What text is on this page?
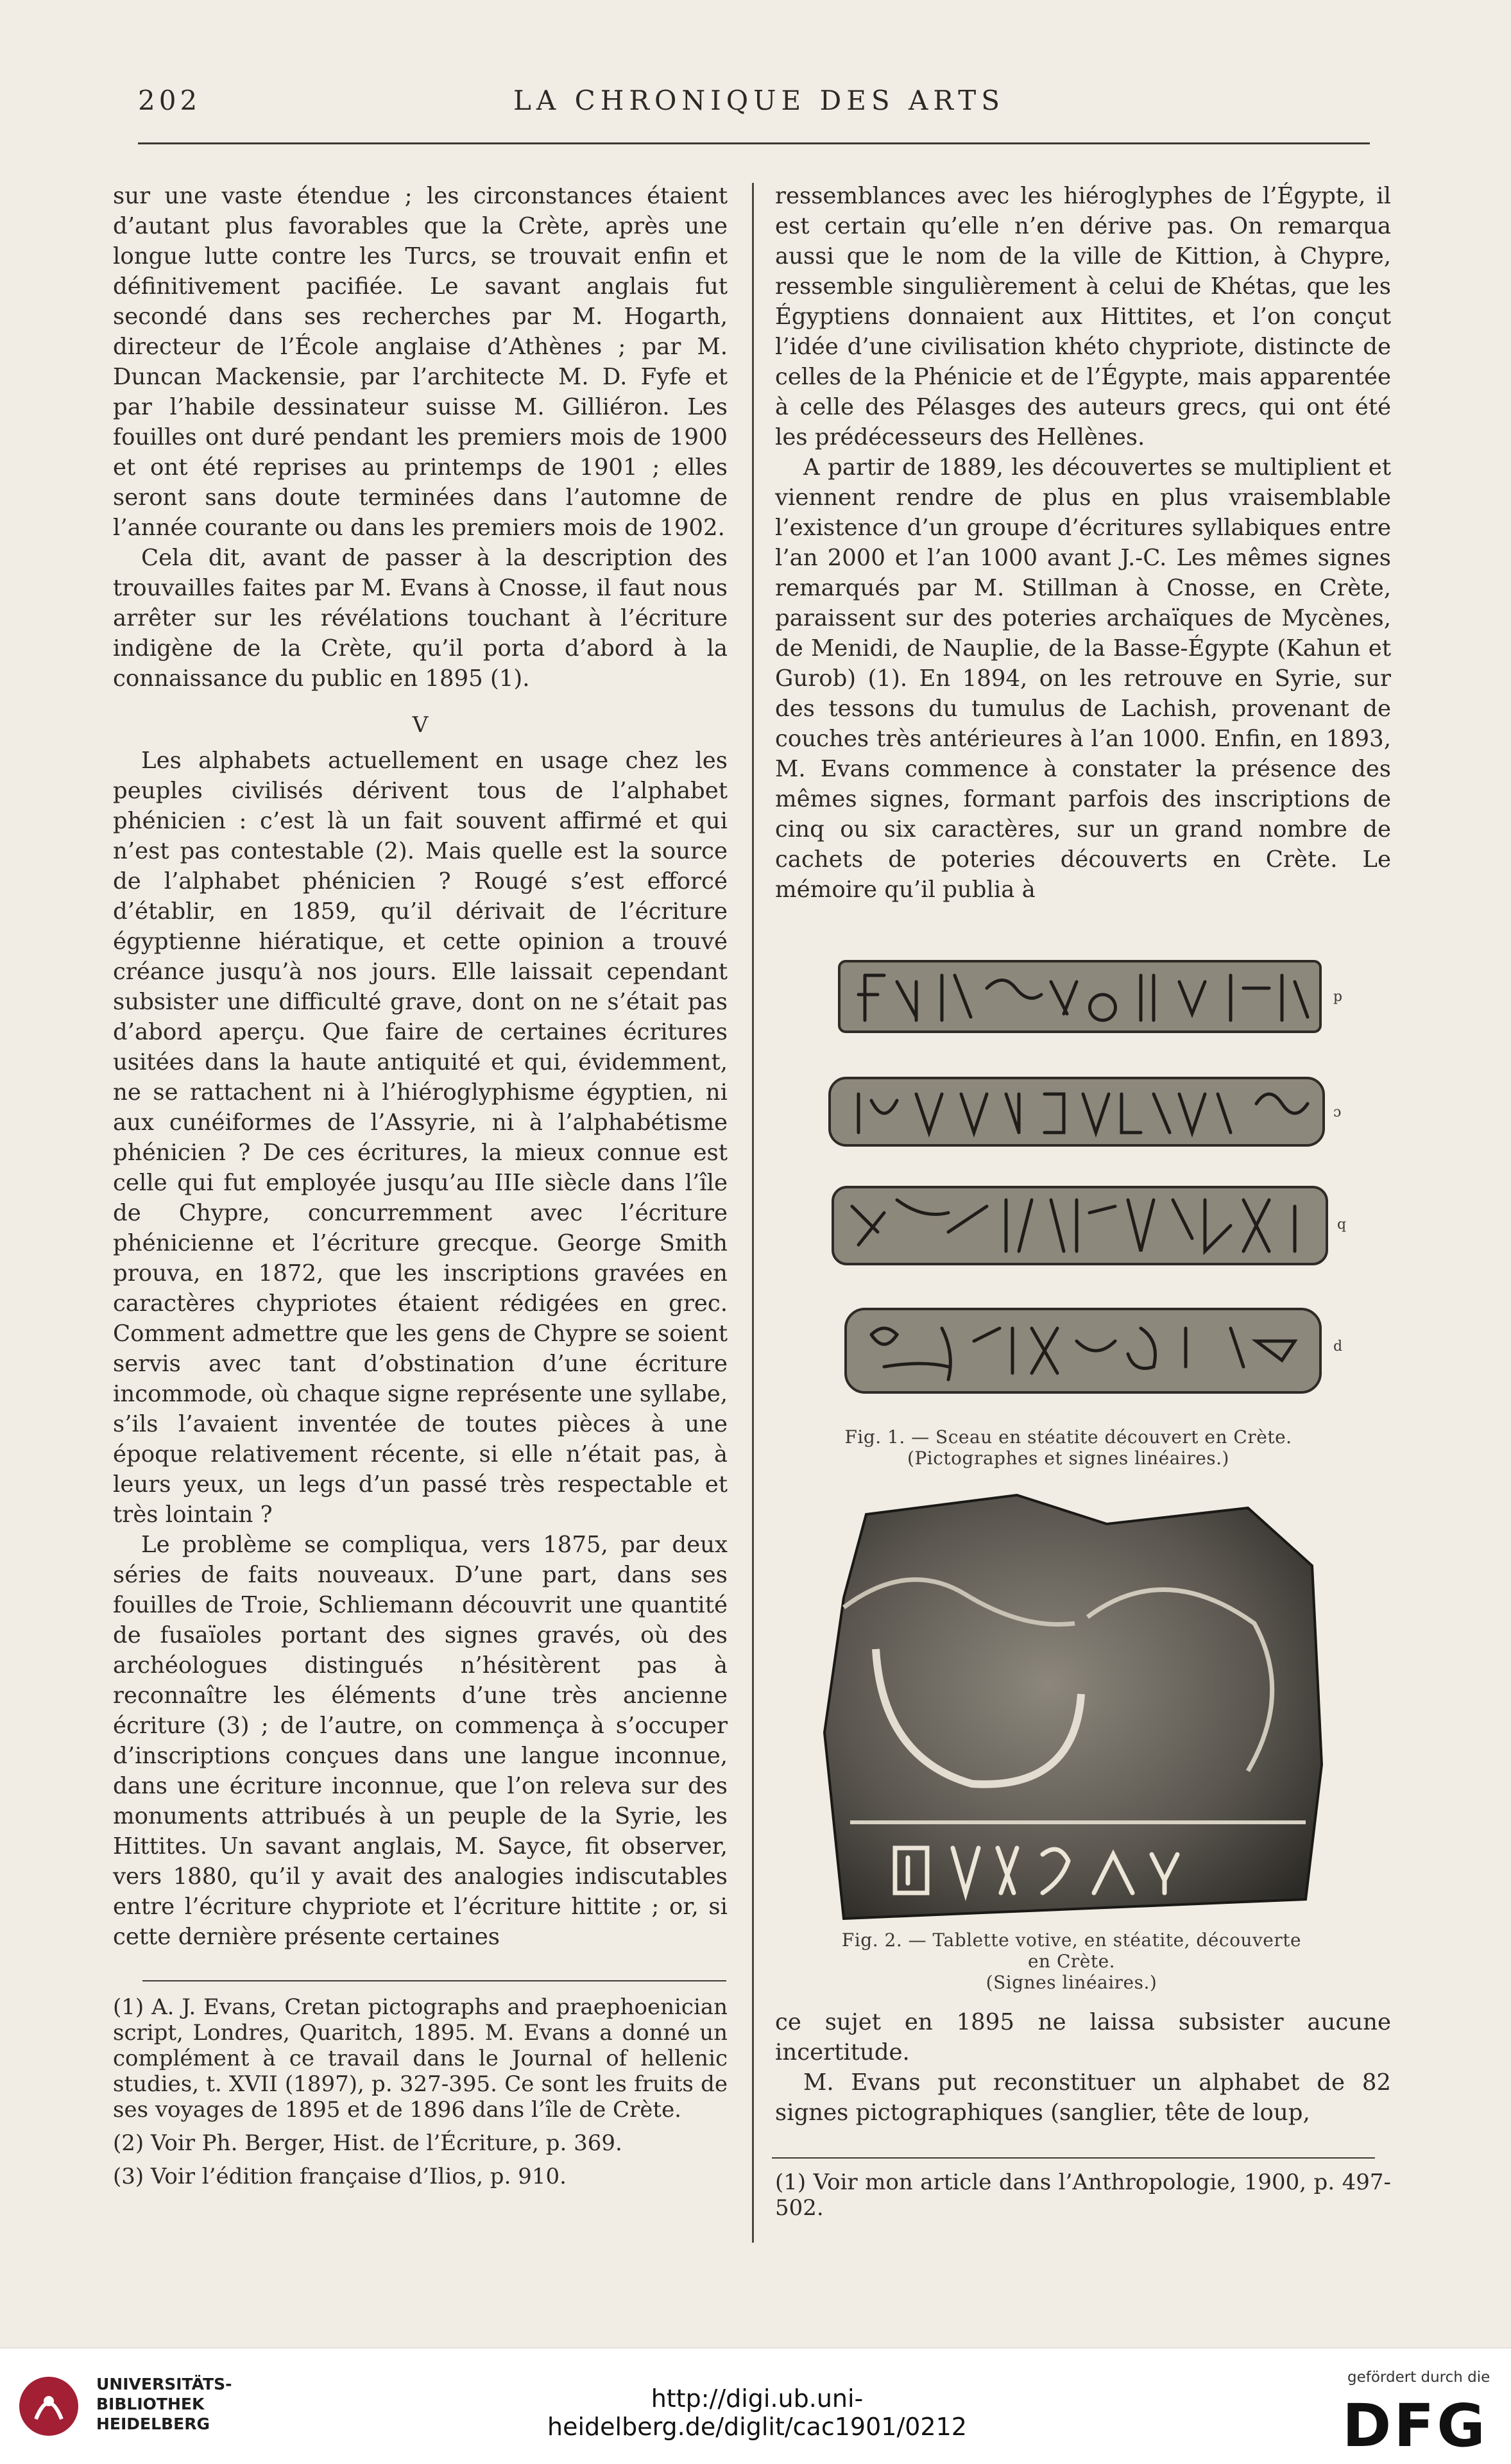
202	LA CHRONIQUE DES ARTS

sur une vaste étendue ; les circonstances étaient d’autant plus favorables que la Crète, après une longue lutte contre les Turcs, se trouvait enfin et définitivement pacifiée. Le savant anglais fut secondé dans ses recherches par M. Hogarth, directeur de l’École anglaise d’Athènes ; par M. Duncan Mackensie, par l’architecte M. D. Fyfe et par l’habile dessinateur suisse M. Gilliéron. Les fouilles ont duré pendant les premiers mois de 1900 et ont été reprises au printemps de 1901 ; elles seront sans doute terminées dans l’automne de l’année courante ou dans les premiers mois de 1902.

Cela dit, avant de passer à la description des trouvailles faites par M. Evans à Cnosse, il faut nous arrêter sur les révélations touchant à l’écriture indigène de la Crète, qu’il porta d’abord à la connaissance du public en 1895 (1).

V

Les alphabets actuellement en usage chez les peuples civilisés dérivent tous de l’alphabet phénicien : c’est là un fait souvent affirmé et qui n’est pas contestable (2). Mais quelle est la source de l’alphabet phénicien ? Rougé s’est efforcé d’établir, en 1859, qu’il dérivait de l’écriture égyptienne hiératique, et cette opinion a trouvé créance jusqu’à nos jours. Elle laissait cependant subsister une difficulté grave, dont on ne s’était pas d’abord aperçu. Que faire de certaines écritures usitées dans la haute antiquité et qui, évidemment, ne se rattachent ni à l’hiéroglyphisme égyptien, ni aux cunéiformes de l’Assyrie, ni à l’alphabétisme phénicien ? De ces écritures, la mieux connue est celle qui fut employée jusqu’au IIIe siècle dans l’île de Chypre, concurremment avec l’écriture phénicienne et l’écriture grecque. George Smith prouva, en 1872, que les inscriptions gravées en caractères chypriotes étaient rédigées en grec. Comment admettre que les gens de Chypre se soient servis avec tant d’obstination d’une écriture incommode, où chaque signe représente une syllabe, s’ils l’avaient inventée de toutes pièces à une époque relativement récente, si elle n’était pas, à leurs yeux, un legs d’un passé très respectable et très lointain ?

Le problème se compliqua, vers 1875, par deux séries de faits nouveaux. D’une part, dans ses fouilles de Troie, Schliemann découvrit une quantité de fusaïoles portant des signes gravés, où des archéologues distingués n’hésitèrent pas à reconnaître les éléments d’une très ancienne écriture (3) ; de l’autre, on commença à s’occuper d’inscriptions conçues dans une langue inconnue, dans une écriture inconnue, que l’on releva sur des monuments attribués à un peuple de la Syrie, les Hittites. Un savant anglais, M. Sayce, fit observer, vers 1880, qu’il y avait des analogies indiscutables entre l’écriture chypriote et l’écriture hittite ; or, si cette dernière présente certaines

ressemblances avec les hiéroglyphes de l’Égypte, il est certain qu’elle n’en dérive pas. On remarqua aussi que le nom de la ville de Kittion, à Chypre, ressemble singulièrement à celui de Khétas, que les Égyptiens donnaient aux Hittites, et l’on conçut l’idée d’une civilisation khéto chypriote, distincte de celles de la Phénicie et de l’Égypte, mais apparentée à celle des Pélasges des auteurs grecs, qui ont été les prédécesseurs des Hellènes.

A partir de 1889, les découvertes se multiplient et viennent rendre de plus en plus vraisemblable l’existence d’un groupe d’écritures syllabiques entre l’an 2000 et l’an 1000 avant J.-C. Les mêmes signes remarqués par M. Stillman à Cnosse, en Crète, paraissent sur des poteries archaïques de Mycènes, de Menidi, de Nauplie, de la Basse-Égypte (Kahun et Gurob) (1). En 1894, on les retrouve en Syrie, sur des tessons du tumulus de Lachish, provenant de couches très antérieures à l’an 1000. Enfin, en 1893, M. Evans commence à constater la présence des mêmes signes, formant parfois des inscriptions de cinq ou six caractères, sur un grand nombre de cachets de poteries découverts en Crète. Le mémoire qu’il publia à

p
ɔ
q
d
Fig. 1. — Sceau en stéatite découvert en Crète.
(Pictographes et signes linéaires.)
Fig. 2. — Tablette votive, en stéatite, découverte
en Crète.
(Signes linéaires.)

ce sujet en 1895 ne laissa subsister aucune incertitude.

M. Evans put reconstituer un alphabet de 82 signes pictographiques (sanglier, tête de loup,

(1) A. J. Evans, Cretan pictographs and praephoenician script, Londres, Quaritch, 1895. M. Evans a donné un complément à ce travail dans le Journal of hellenic studies, t. XVII (1897), p. 327-395. Ce sont les fruits de ses voyages de 1895 et de 1896 dans l’île de Crète.

(2) Voir Ph. Berger, Hist. de l’Écriture, p. 369.

(3) Voir l’édition française d’Ilios, p. 910.	(1) Voir mon article dans l’Anthropologie, 1900, p. 497-502.

UNIVERSITÄTS-
BIBLIOTHEK
HEIDELBERG
http://digi.ub.uni-heidelberg.de/diglit/cac1901/0212
gefördert durch die
DFG
